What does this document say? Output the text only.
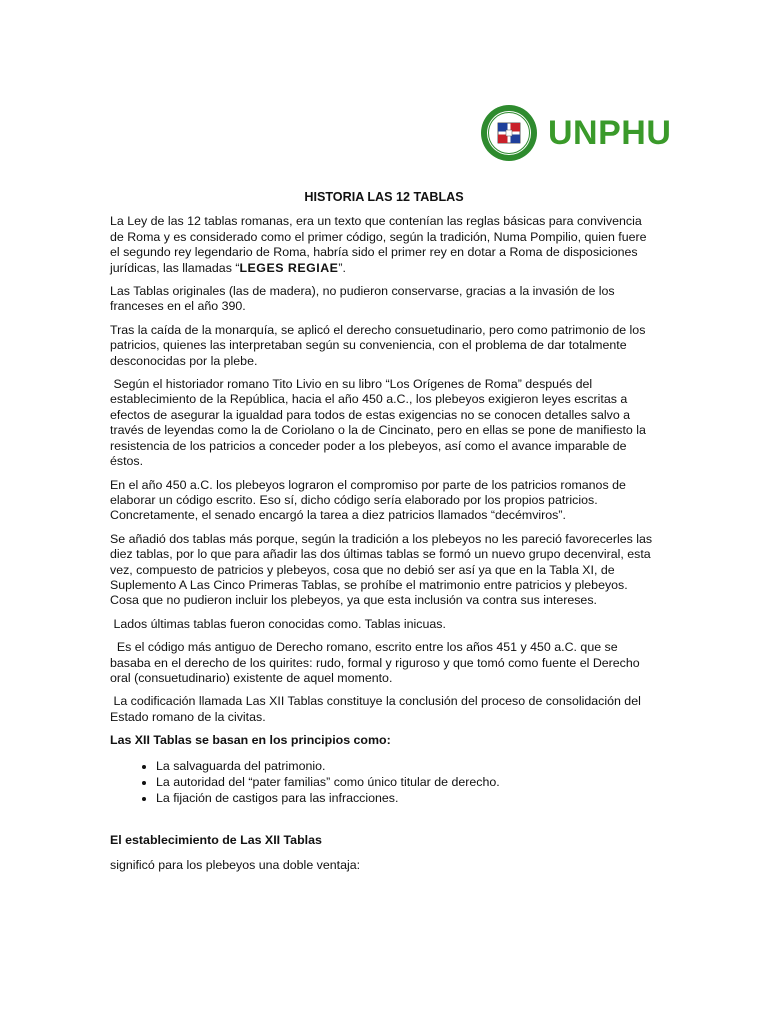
UNPHU
HISTORIA LAS 12 TABLAS

La Ley de las 12 tablas romanas, era un texto que contenían las reglas básicas para convivencia de Roma y es considerado como el primer código, según la tradición, Numa Pompilio, quien fuere el segundo rey legendario de Roma, habría sido el primer rey en dotar a Roma de disposiciones jurídicas, las llamadas “LEGES REGIAE”.

Las Tablas originales (las de madera), no pudieron conservarse, gracias a la invasión de los franceses en el año 390.

Tras la caída de la monarquía, se aplicó el derecho consuetudinario, pero como patrimonio de los patricios, quienes las interpretaban según su conveniencia, con el problema de dar totalmente desconocidas por la plebe.

Según el historiador romano Tito Livio en su libro “Los Orígenes de Roma” después del establecimiento de la República, hacia el año 450 a.C., los plebeyos exigieron leyes escritas a efectos de asegurar la igualdad para todos de estas exigencias no se conocen detalles salvo a través de leyendas como la de Coriolano o la de Cincinato, pero en ellas se pone de manifiesto la resistencia de los patricios a conceder poder a los plebeyos, así como el avance imparable de éstos.

En el año 450 a.C. los plebeyos lograron el compromiso por parte de los patricios romanos de elaborar un código escrito. Eso sí, dicho código sería elaborado por los propios patricios. Concretamente, el senado encargó la tarea a diez patricios llamados “decémviros”.

Se añadió dos tablas más porque, según la tradición a los plebeyos no les pareció favorecerles las diez tablas, por lo que para añadir las dos últimas tablas se formó un nuevo grupo decenviral, esta vez, compuesto de patricios y plebeyos, cosa que no debió ser así ya que en la Tabla XI, de Suplemento A Las Cinco Primeras Tablas, se prohíbe el matrimonio entre patricios y plebeyos. Cosa que no pudieron incluir los plebeyos, ya que esta inclusión va contra sus intereses.

Lados últimas tablas fueron conocidas como. Tablas inicuas.

Es el código más antiguo de Derecho romano, escrito entre los años 451 y 450 a.C. que se basaba en el derecho de los quirites: rudo, formal y riguroso y que tomó como fuente el Derecho oral (consuetudinario) existente de aquel momento.

La codificación llamada Las XII Tablas constituye la conclusión del proceso de consolidación del Estado romano de la civitas.

Las XII Tablas se basan en los principios como:
• La salvaguarda del patrimonio.
• La autoridad del “pater familias” como único titular de derecho.
• La fijación de castigos para las infracciones.
El establecimiento de Las XII Tablas

significó para los plebeyos una doble ventaja:
